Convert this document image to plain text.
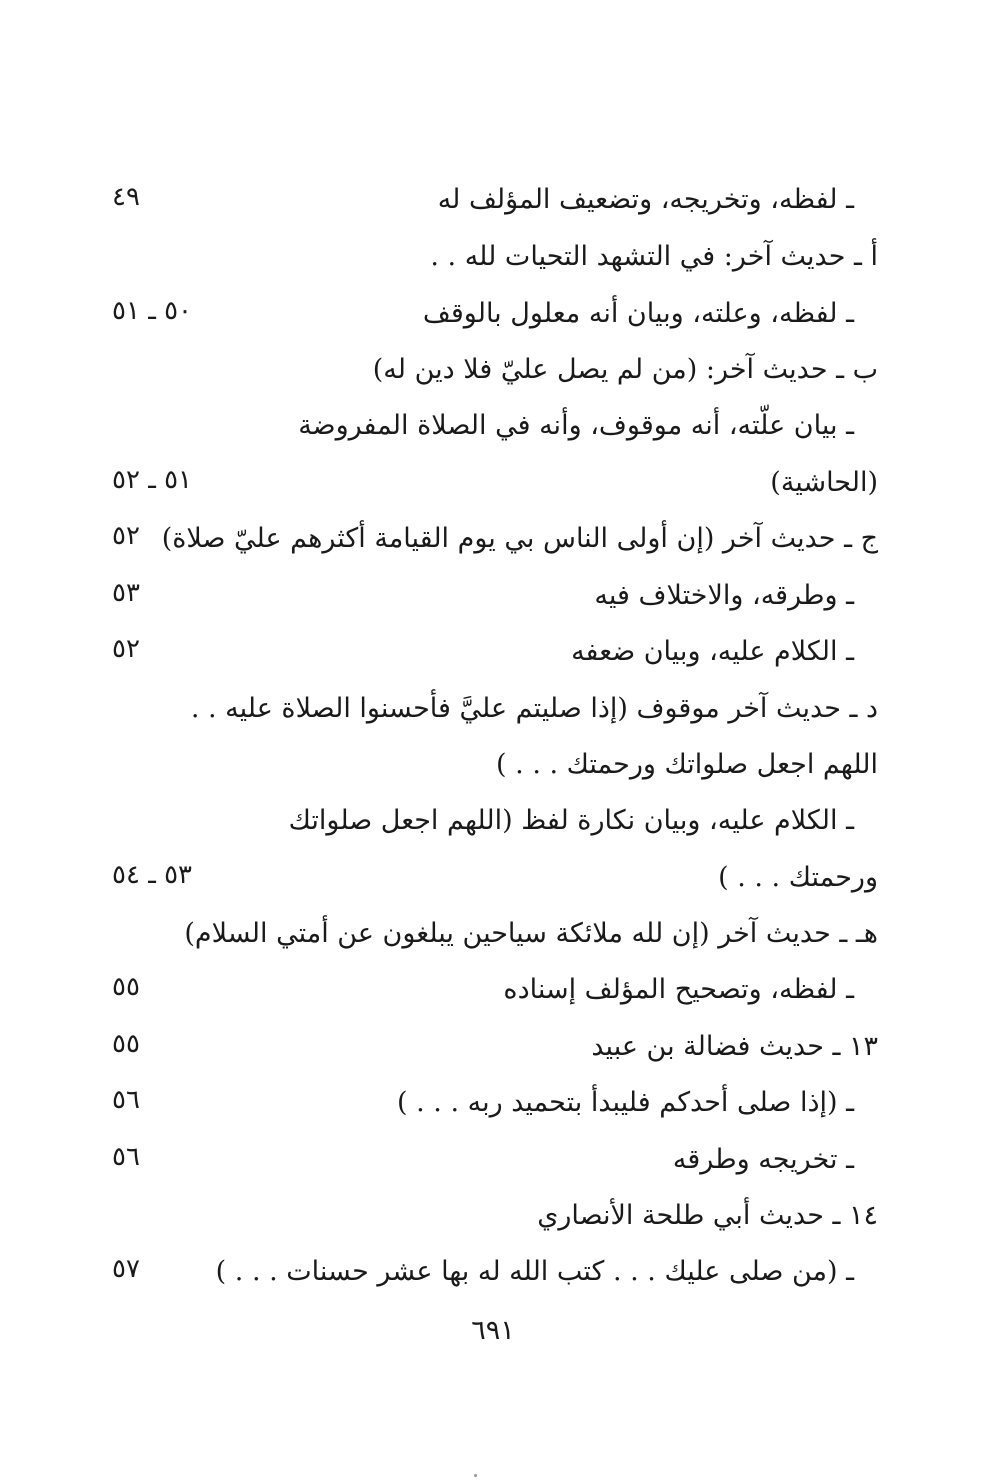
ـ لفظه، وتخريجه، وتضعيف المؤلف له
٤٩
أ ـ حديث آخر: في التشهد التحيات لله . .
ـ لفظه، وعلته، وبيان أنه معلول بالوقف
٥٠ ـ ٥١
ب ـ حديث آخر: (من لم يصل عليّ فلا دين له)
ـ بيان علّته، أنه موقوف، وأنه في الصلاة المفروضة
(الحاشية)
٥١ ـ ٥٢
ج ـ حديث آخر (إن أولى الناس بي يوم القيامة أكثرهم عليّ صلاة)
٥٢
ـ وطرقه، والاختلاف فيه
٥٣
ـ الكلام عليه، وبيان ضعفه
٥٢
د ـ حديث آخر موقوف (إذا صليتم عليَّ فأحسنوا الصلاة عليه . .
اللهم اجعل صلواتك ورحمتك . . . )
ـ الكلام عليه، وبيان نكارة لفظ (اللهم اجعل صلواتك
ورحمتك . . . )
٥٣ ـ ٥٤
هـ ـ حديث آخر (إن لله ملائكة سياحين يبلغون عن أمتي السلام)
ـ لفظه، وتصحيح المؤلف إسناده
٥٥
١٣ ـ حديث فضالة بن عبيد
٥٥
ـ (إذا صلى أحدكم فليبدأ بتحميد ربه . . . )
٥٦
ـ تخريجه وطرقه
٥٦
١٤ ـ حديث أبي طلحة الأنصاري
ـ (من صلى عليك . . . كتب الله له بها عشر حسنات . . . )
٥٧
٦٩١
